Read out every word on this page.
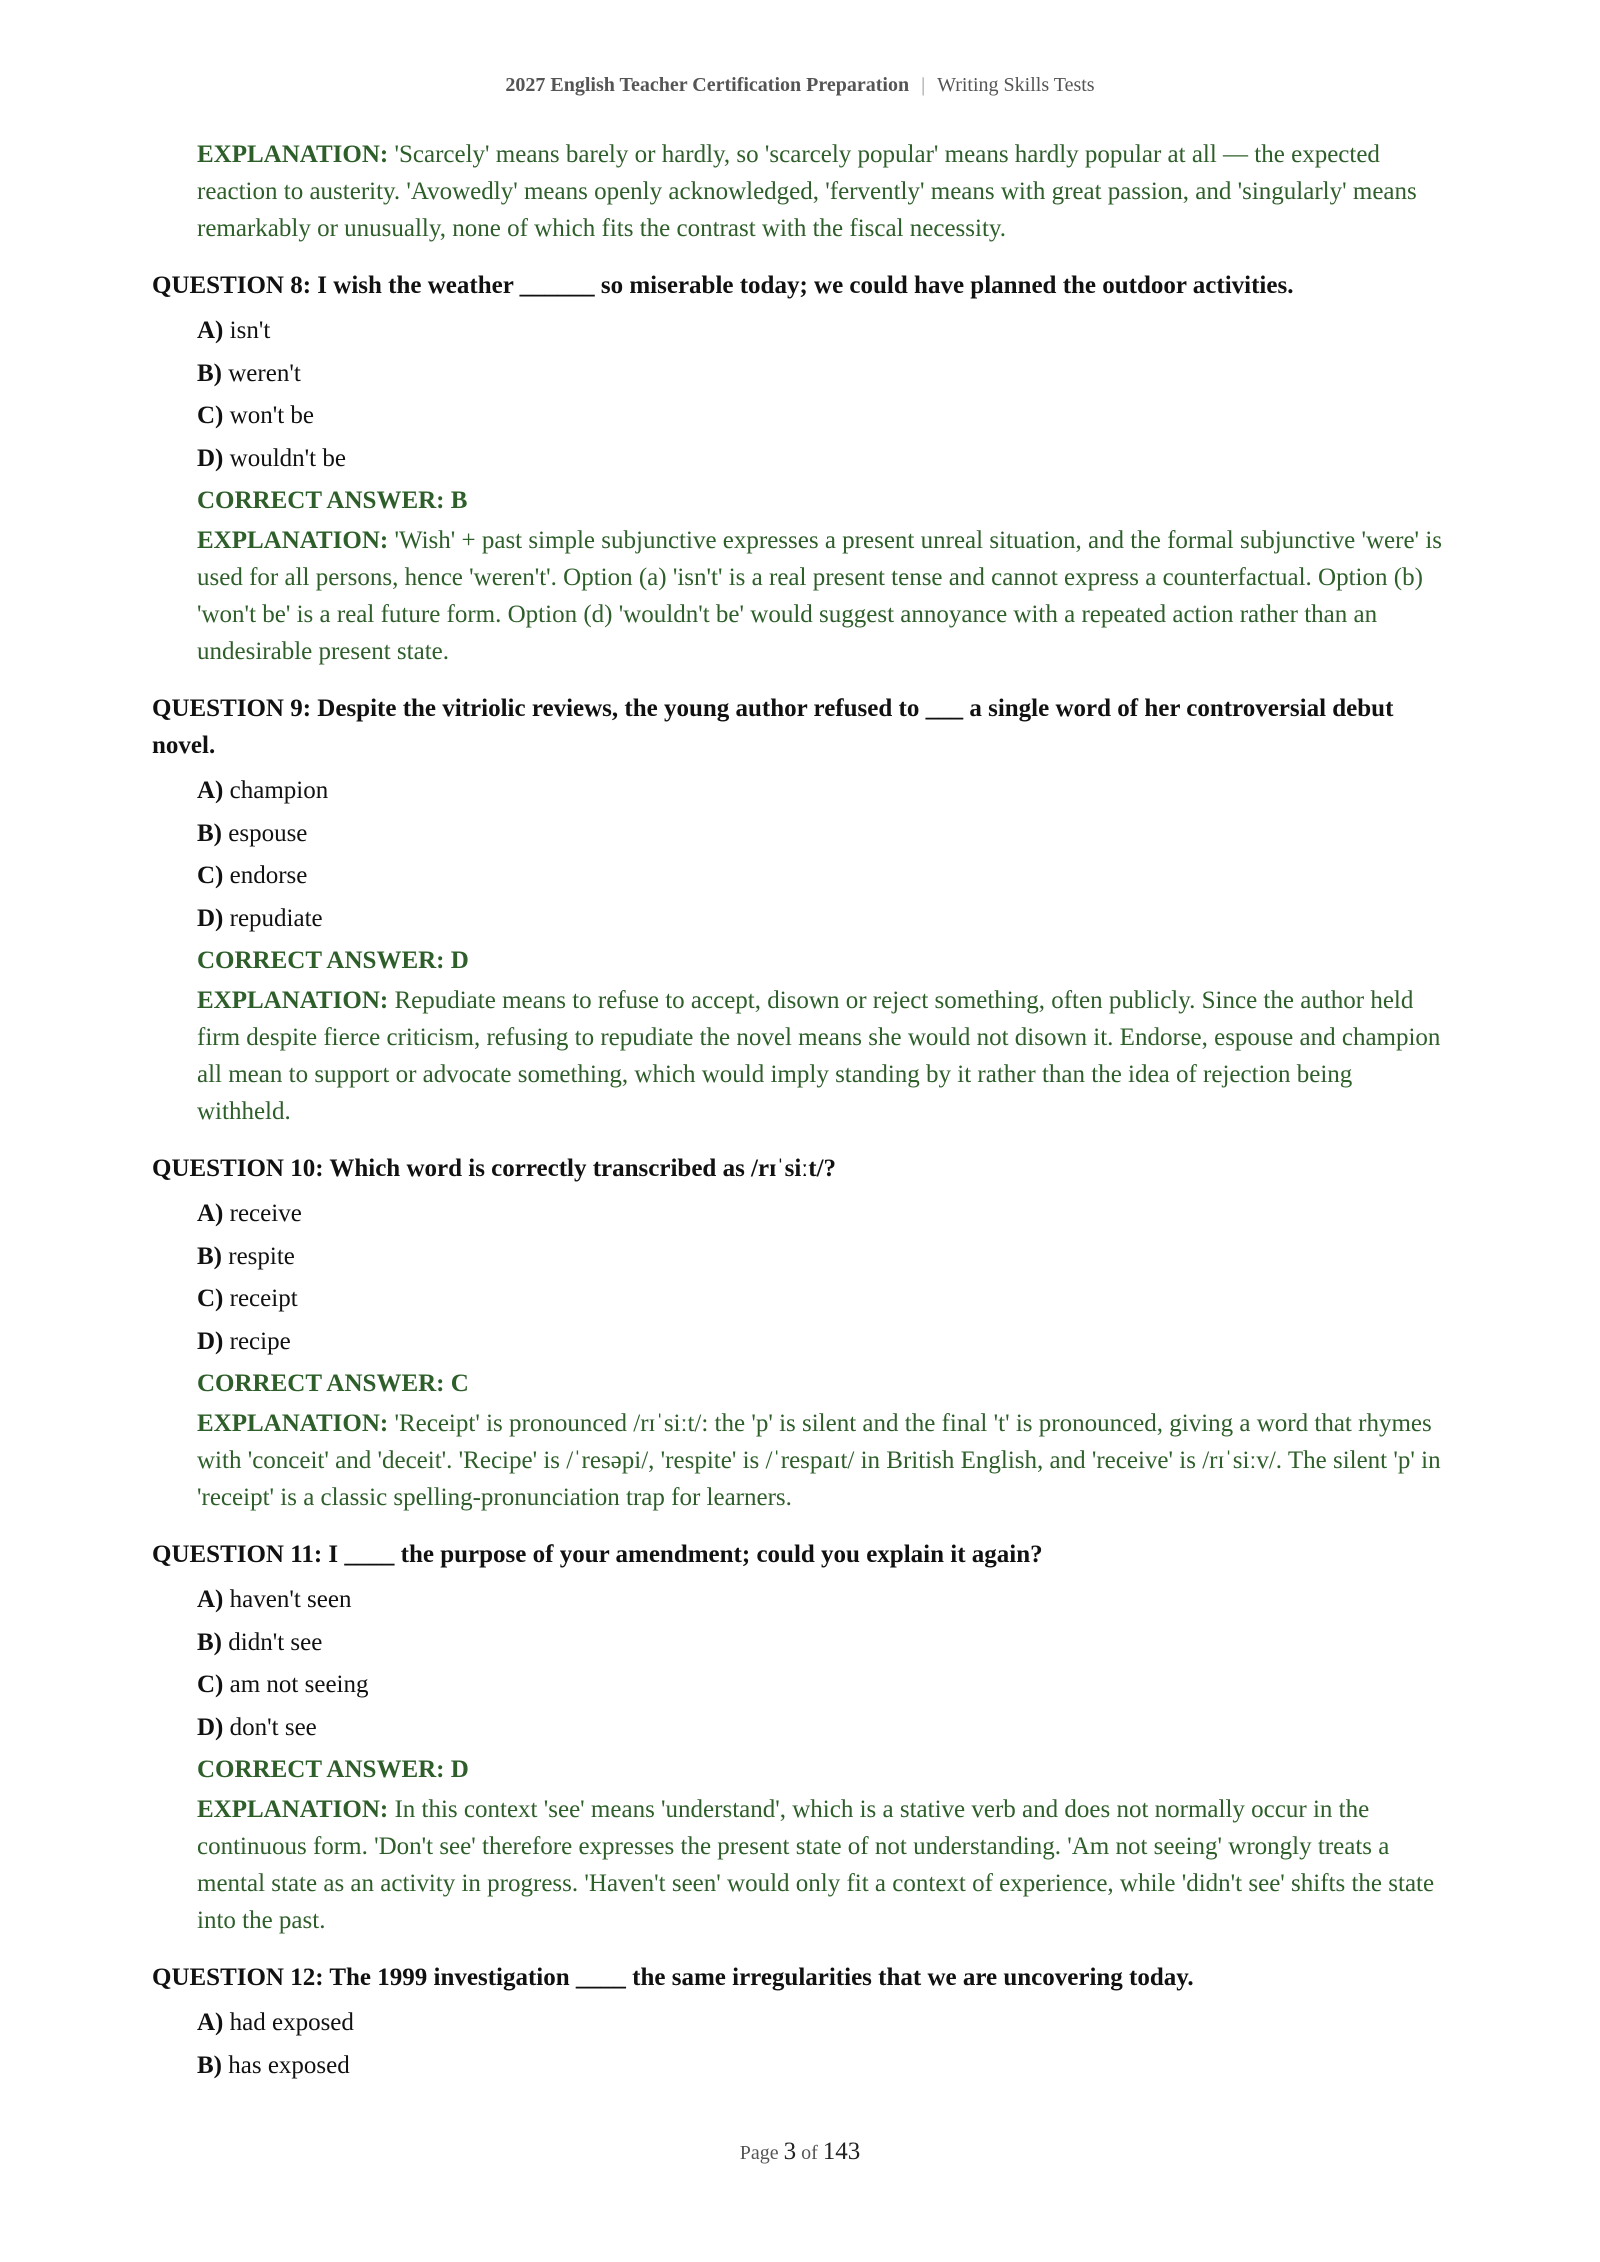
2027 English Teacher Certification Preparation | Writing Skills Tests
EXPLANATION: 'Scarcely' means barely or hardly, so 'scarcely popular' means hardly popular at all — the expected reaction to austerity. 'Avowedly' means openly acknowledged, 'fervently' means with great passion, and 'singularly' means remarkably or unusually, none of which fits the contrast with the fiscal necessity.
QUESTION 8: I wish the weather ______ so miserable today; we could have planned the outdoor activities.
A) isn't
B) weren't
C) won't be
D) wouldn't be
CORRECT ANSWER: B
EXPLANATION: 'Wish' + past simple subjunctive expresses a present unreal situation, and the formal subjunctive 'were' is used for all persons, hence 'weren't'. Option (a) 'isn't' is a real present tense and cannot express a counterfactual. Option (b) 'won't be' is a real future form. Option (d) 'wouldn't be' would suggest annoyance with a repeated action rather than an undesirable present state.
QUESTION 9: Despite the vitriolic reviews, the young author refused to ___ a single word of her controversial debut novel.
A) champion
B) espouse
C) endorse
D) repudiate
CORRECT ANSWER: D
EXPLANATION: Repudiate means to refuse to accept, disown or reject something, often publicly. Since the author held firm despite fierce criticism, refusing to repudiate the novel means she would not disown it. Endorse, espouse and champion all mean to support or advocate something, which would imply standing by it rather than the idea of rejection being withheld.
QUESTION 10: Which word is correctly transcribed as /rɪˈsiːt/?
A) receive
B) respite
C) receipt
D) recipe
CORRECT ANSWER: C
EXPLANATION: 'Receipt' is pronounced /rɪˈsiːt/: the 'p' is silent and the final 't' is pronounced, giving a word that rhymes with 'conceit' and 'deceit'. 'Recipe' is /ˈresəpi/, 'respite' is /ˈrespaɪt/ in British English, and 'receive' is /rɪˈsiːv/. The silent 'p' in 'receipt' is a classic spelling-pronunciation trap for learners.
QUESTION 11: I ____ the purpose of your amendment; could you explain it again?
A) haven't seen
B) didn't see
C) am not seeing
D) don't see
CORRECT ANSWER: D
EXPLANATION: In this context 'see' means 'understand', which is a stative verb and does not normally occur in the continuous form. 'Don't see' therefore expresses the present state of not understanding. 'Am not seeing' wrongly treats a mental state as an activity in progress. 'Haven't seen' would only fit a context of experience, while 'didn't see' shifts the state into the past.
QUESTION 12: The 1999 investigation ____ the same irregularities that we are uncovering today.
A) had exposed
B) has exposed
Page 3 of 143
